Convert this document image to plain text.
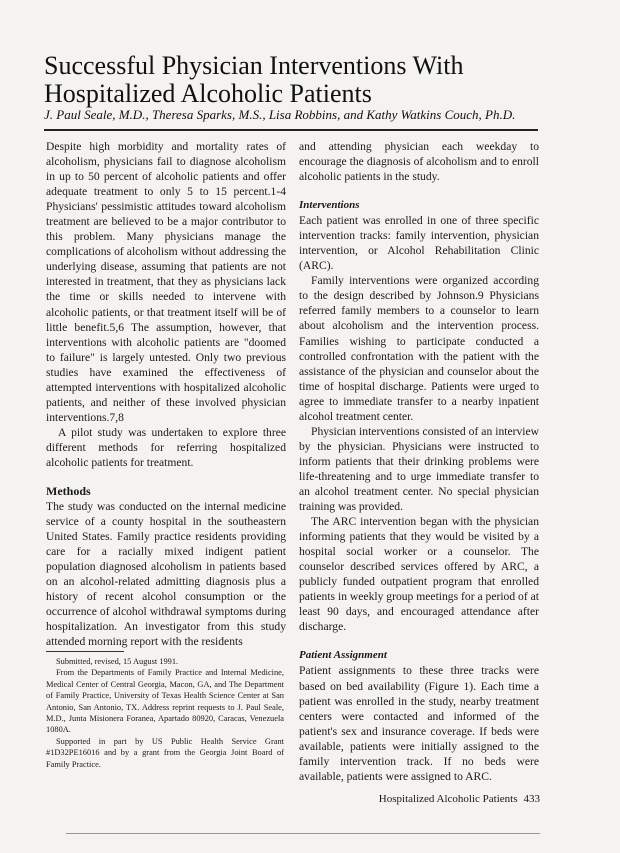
Successful Physician Interventions With Hospitalized Alcoholic Patients
J. Paul Seale, M.D., Theresa Sparks, M.S., Lisa Robbins, and Kathy Watkins Couch, Ph.D.

Despite high morbidity and mortality rates of alcoholism, physicians fail to diagnose alcoholism in up to 50 percent of alcoholic patients and offer adequate treatment to only 5 to 15 percent.1-4 Physicians' pessimistic attitudes toward alcoholism treatment are believed to be a major contributor to this problem. Many physicians manage the complications of alcoholism without addressing the underlying disease, assuming that patients are not interested in treatment, that they as physicians lack the time or skills needed to intervene with alcoholic patients, or that treatment itself will be of little benefit.5,6 The assumption, however, that interventions with alcoholic patients are "doomed to failure" is largely untested. Only two previous studies have examined the effectiveness of attempted interventions with hospitalized alcoholic patients, and neither of these involved physician interventions.7,8

A pilot study was undertaken to explore three different methods for referring hospitalized alcoholic patients for treatment.

Methods

The study was conducted on the internal medicine service of a county hospital in the southeastern United States. Family practice residents providing care for a racially mixed indigent patient population diagnosed alcoholism in patients based on an alcohol-related admitting diagnosis plus a history of recent alcohol consumption or the occurrence of alcohol withdrawal symptoms during hospitalization. An investigator from this study attended morning report with the residents

Submitted, revised, 15 August 1991.

From the Departments of Family Practice and Internal Medicine, Medical Center of Central Georgia, Macon, GA, and The Department of Family Practice, University of Texas Health Science Center at San Antonio, San Antonio, TX. Address reprint requests to J. Paul Seale, M.D., Junta Misionera Foranea, Apartado 80920, Caracas, Venezuela 1080A.

Supported in part by US Public Health Service Grant #1D32PE16016 and by a grant from the Georgia Joint Board of Family Practice.

and attending physician each weekday to encourage the diagnosis of alcoholism and to enroll alcoholic patients in the study.

Interventions

Each patient was enrolled in one of three specific intervention tracks: family intervention, physician intervention, or Alcohol Rehabilitation Clinic (ARC).

Family interventions were organized according to the design described by Johnson.9 Physicians referred family members to a counselor to learn about alcoholism and the intervention process. Families wishing to participate conducted a controlled confrontation with the patient with the assistance of the physician and counselor about the time of hospital discharge. Patients were urged to agree to immediate transfer to a nearby inpatient alcohol treatment center.

Physician interventions consisted of an interview by the physician. Physicians were instructed to inform patients that their drinking problems were life-threatening and to urge immediate transfer to an alcohol treatment center. No special physician training was provided.

The ARC intervention began with the physician informing patients that they would be visited by a hospital social worker or a counselor. The counselor described services offered by ARC, a publicly funded outpatient program that enrolled patients in weekly group meetings for a period of at least 90 days, and encouraged attendance after discharge.

Patient Assignment

Patient assignments to these three tracks were based on bed availability (Figure 1). Each time a patient was enrolled in the study, nearby treatment centers were contacted and informed of the patient's sex and insurance coverage. If beds were available, patients were initially assigned to the family intervention track. If no beds were available, patients were assigned to ARC.

Hospitalized Alcoholic Patients 433
